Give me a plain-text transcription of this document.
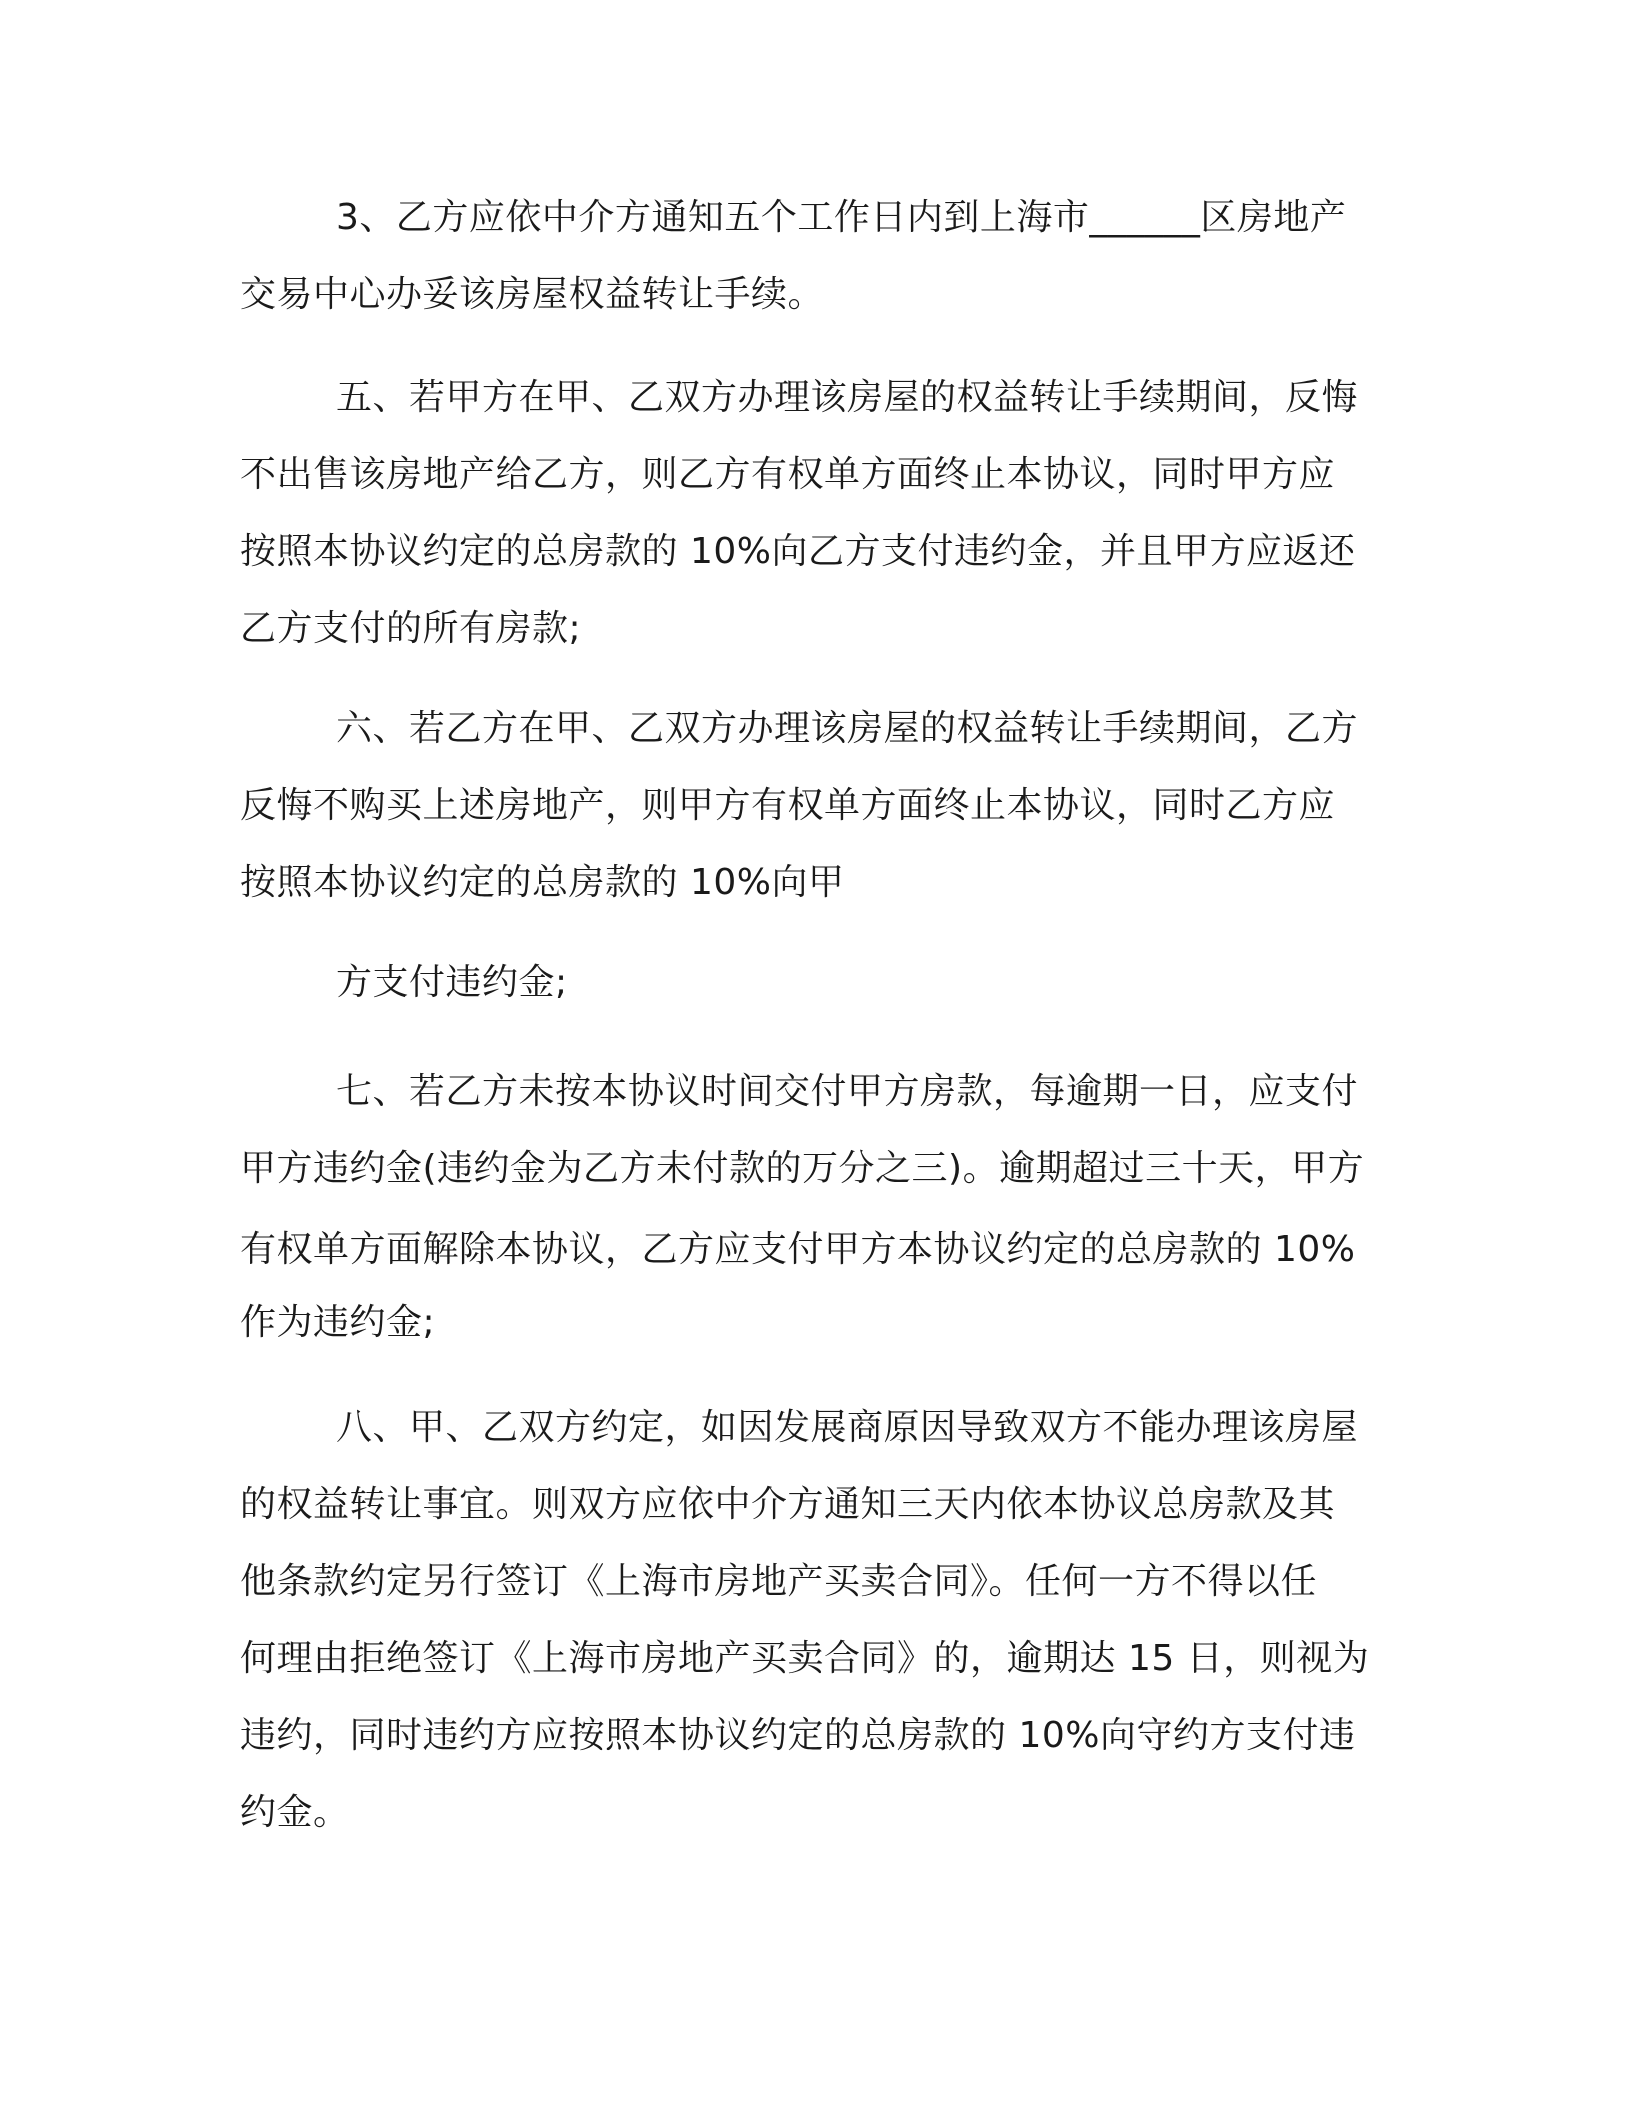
3、乙方应依中介方通知五个工作日内到上海市______区房地产
交易中心办妥该房屋权益转让手续。
五、若甲方在甲、乙双方办理该房屋的权益转让手续期间，反悔
不出售该房地产给乙方，则乙方有权单方面终止本协议，同时甲方应
按照本协议约定的总房款的 10%向乙方支付违约金，并且甲方应返还
乙方支付的所有房款;
六、若乙方在甲、乙双方办理该房屋的权益转让手续期间，乙方
反悔不购买上述房地产，则甲方有权单方面终止本协议，同时乙方应
按照本协议约定的总房款的 10%向甲
方支付违约金;
七、若乙方未按本协议时间交付甲方房款，每逾期一日，应支付
甲方违约金(违约金为乙方未付款的万分之三)。逾期超过三十天，甲方
有权单方面解除本协议，乙方应支付甲方本协议约定的总房款的 10%
作为违约金;
八、甲、乙双方约定，如因发展商原因导致双方不能办理该房屋
的权益转让事宜。则双方应依中介方通知三天内依本协议总房款及其
他条款约定另行签订《上海市房地产买卖合同》。任何一方不得以任
何理由拒绝签订《上海市房地产买卖合同》的，逾期达 15 日，则视为
违约，同时违约方应按照本协议约定的总房款的 10%向守约方支付违
约金。
